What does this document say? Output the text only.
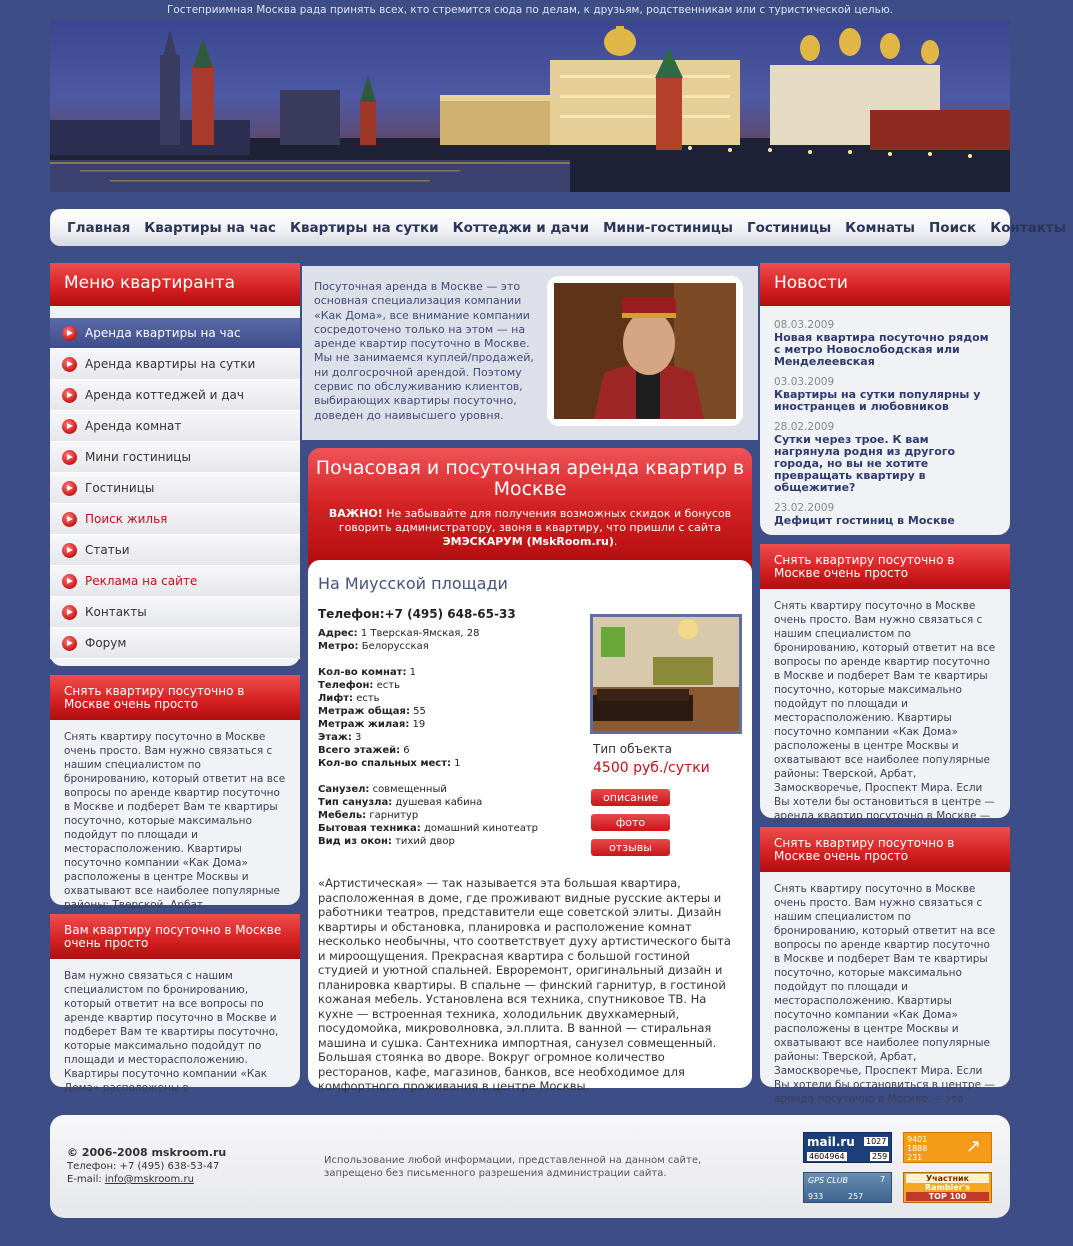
Гостеприимная Москва рада принять всех, кто стремится сюда по делам, к друзьям, родственникам или с туристической целью.
Главная	Квартиры на час	Квартиры на сутки	Коттеджи и дачи	Мини-гостиницы	Гостиницы	Комнаты	Поиск	Контакты
Меню квартиранта
Аренда квартиры на час
Аренда квартиры на сутки
Аренда коттеджей и дач
Аренда комнат
Мини гостиницы
Гостиницы
Поиск жилья
Статьи
Реклама на сайте
Контакты
Форум
Снять квартиру посуточно в Москве очень просто
Снять квартиру посуточно в Москве очень просто. Вам нужно связаться с нашим специалистом по бронированию, который ответит на все вопросы по аренде квартир посуточно в Москве и подберет Вам те квартиры посуточно, которые максимально подойдут по площади и месторасположению. Квартиры посуточно компании «Как Дома» расположены в центре Москвы и охватывают все наиболее популярные районы: Тверской, Арбат,
Вам квартиру посуточно в Москве очень просто
Вам нужно связаться с нашим специалистом по бронированию, который ответит на все вопросы по аренде квартир посуточно в Москве и подберет Вам те квартиры посуточно, которые максимально подойдут по площади и месторасположению. Квартиры посуточно компании «Как Дома» расположены в
Посуточная аренда в Москве — это основная специализация компании «Как Дома», все внимание компании сосредоточено только на этом — на аренде квартир посуточно в Москве. Мы не занимаемся куплей/продажей, ни долгосрочной арендой. Поэтому сервис по обслуживанию клиентов, выбирающих квартиры посуточно, доведен до наивысшего уровня.
Почасовая и посуточная аренда квартир в Москве

ВАЖНО! Не забывайте для получения возможных скидок и бонусов говорить администратору, звоня в квартиру, что пришли с сайта
ЭМЭСКАРУМ (MskRoom.ru).

На Миусской площади
Телефон:+7 (495) 648-65-33
Адрес: 1 Тверская-Ямская, 28
Метро: Белорусская
Кол-во комнат: 1
Телефон: есть
Лифт: есть
Метраж общая: 55
Метраж жилая: 19
Этаж: 3
Всего этажей: 6
Кол-во спальных мест: 1
Санузел: совмещенный
Тип санузла: душевая кабина
Мебель: гарнитур
Бытовая техника: домашний кинотеатр
Вид из окон: тихий двор
Тип объекта
4500 руб./сутки
описание
фото
отзывы
«Артистическая» — так называется эта большая квартира, расположенная в доме, где проживают видные русские актеры и работники театров, представители еще советской элиты. Дизайн квартиры и обстановка, планировка и расположение комнат несколько необычны, что соответствует духу артистического быта и мироощущения. Прекрасная квартира с большой гостиной студией и уютной спальней. Евроремонт, оригинальный дизайн и планировка квартиры. В спальне — финский гарнитур, в гостиной кожаная мебель. Установлена вся техника, спутниковое ТВ. На кухне — встроенная техника, холодильник двухкамерный, посудомойка, микроволновка, эл.плита. В ванной — стиральная машина и сушка. Сантехника импортная, санузел совмещенный. Большая стоянка во дворе. Вокруг огромное количество ресторанов, кафе, магазинов, банков, все необходимое для комфортного проживания в центре Москвы.
Новости
08.03.2009
Новая квартира посуточно рядом с метро Новослободская или Менделеевская
03.03.2009
Квартиры на сутки популярны у иностранцев и любовников
28.02.2009
Сутки через трое. К вам нагрянула родня из другого города, но вы не хотите превращать квартиру в общежитие?
23.02.2009
Дефицит гостиниц в Москве
Снять квартиру посуточно в Москве очень просто
Снять квартиру посуточно в Москве очень просто. Вам нужно связаться с нашим специалистом по бронированию, который ответит на все вопросы по аренде квартир посуточно в Москве и подберет Вам те квартиры посуточно, которые максимально подойдут по площади и месторасположению. Квартиры посуточно компании «Как Дома» расположены в центре Москвы и охватывают все наиболее популярные районы: Тверской, Арбат, Замоскворечье, Проспект Мира. Если Вы хотели бы остановиться в центре — аренда квартир посуточно в Москве —
Снять квартиру посуточно в Москве очень просто
Снять квартиру посуточно в Москве очень просто. Вам нужно связаться с нашим специалистом по бронированию, который ответит на все вопросы по аренде квартир посуточно в Москве и подберет Вам те квартиры посуточно, которые максимально подойдут по площади и месторасположению. Квартиры посуточно компании «Как Дома» расположены в центре Москвы и охватывают все наиболее популярные районы: Тверской, Арбат, Замоскворечье, Проспект Мира. Если Вы хотели бы остановиться в центре — аренда посуточно в Москве — это
© 2006-2008 mskroom.ru
Телефон: +7 (495) 638-53-47
E-mail: info@mskroom.ru
Использование любой информации, представленной на данном сайте, запрещено без письменного разрешения администрации сайта.
mail.ru 1027
4604964	259
9401
1888
231
↗
GPS CLUB	7
933	257
Участник
Rambler's
TOP 100
